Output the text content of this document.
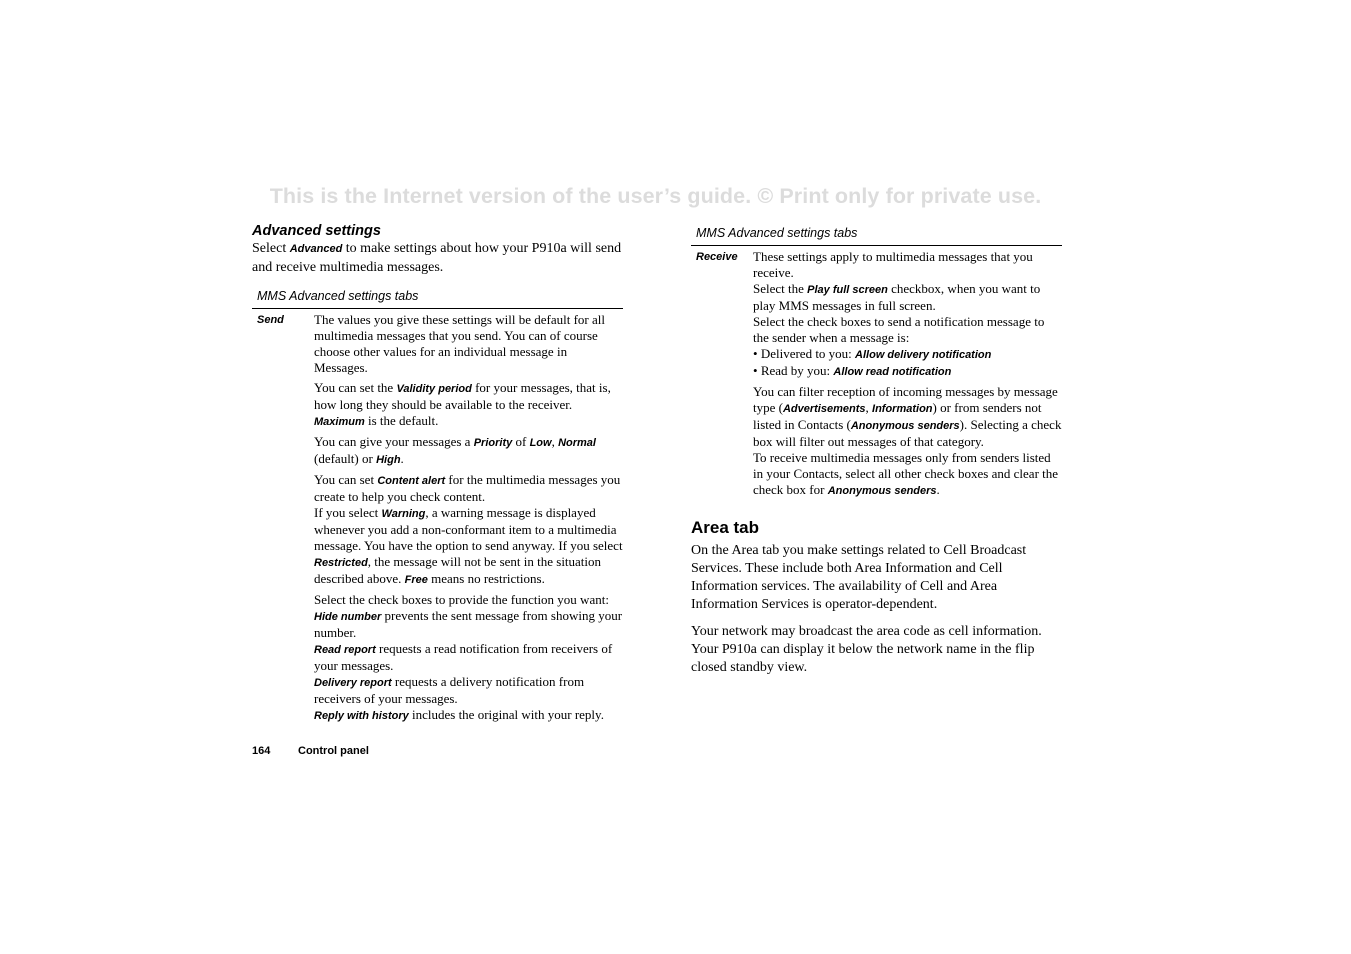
This is the Internet version of the user’s guide. © Print only for private use.
Advanced settings

Select Advanced to make settings about how your P910a will send and receive multimedia messages.

MMS Advanced settings tabs
Send	The values you give these settings will be default for all multimedia messages that you send. You can of course choose other values for an individual message in Messages.

You can set the Validity period for your messages, that is, how long they should be available to the receiver. Maximum is the default.

You can give your messages a Priority of Low, Normal (default) or High.

You can set Content alert for the multimedia messages you create to help you check content.
If you select Warning, a warning message is displayed whenever you add a non-conformant item to a multimedia message. You have the option to send anyway. If you select Restricted, the message will not be sent in the situation described above. Free means no restrictions.

Select the check boxes to provide the function you want:
Hide number prevents the sent message from showing your number.
Read report requests a read notification from receivers of your messages.
Delivery report requests a delivery notification from receivers of your messages.
Reply with history includes the original with your reply.

MMS Advanced settings tabs
Receive	These settings apply to multimedia messages that you receive.
Select the Play full screen checkbox, when you want to play MMS messages in full screen.
Select the check boxes to send a notification message to the sender when a message is:
• Delivered to you: Allow delivery notification
• Read by you: Allow read notification

You can filter reception of incoming messages by message type (Advertisements, Information) or from senders not listed in Contacts (Anonymous senders). Selecting a check box will filter out messages of that category.
To receive multimedia messages only from senders listed in your Contacts, select all other check boxes and clear the check box for Anonymous senders.

Area tab

On the Area tab you make settings related to Cell Broadcast Services. These include both Area Information and Cell Information services. The availability of Cell and Area Information Services is operator-dependent.

Your network may broadcast the area code as cell information. Your P910a can display it below the network name in the flip closed standby view.

164	Control panel
